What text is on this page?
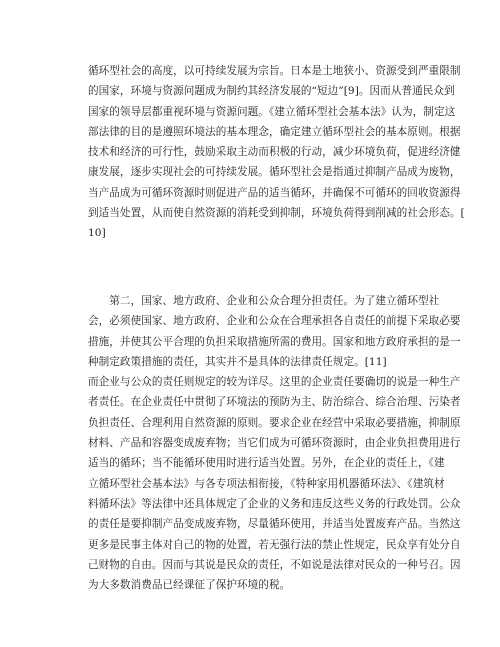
循环型社会的高度，以可持续发展为宗旨。日本是土地狭小、资源受到严重限制
的国家，环境与资源问题成为制约其经济发展的“短边”[9]。因而从普通民众到
国家的领导层都重视环境与资源问题。《建立循环型社会基本法》认为，制定这
部法律的目的是遵照环境法的基本理念，确定建立循环型社会的基本原则。根据
技术和经济的可行性，鼓励采取主动而积极的行动，减少环境负荷，促进经济健
康发展，逐步实现社会的可持续发展。循环型社会是指通过抑制产品成为废物，
当产品成为可循环资源时则促进产品的适当循环，并确保不可循环的回收资源得
到适当处置，从而使自然资源的消耗受到抑制，环境负荷得到削减的社会形态。[
10]

　　第二，国家、地方政府、企业和公众合理分担责任。为了建立循环型社
会，必须使国家、地方政府、企业和公众在合理承担各自责任的前提下采取必要
措施，并使其公平合理的负担采取措施所需的费用。国家和地方政府承担的是一
种制定政策措施的责任，其实并不是具体的法律责任规定。[11]
而企业与公众的责任则规定的较为详尽。这里的企业责任要确切的说是一种生产
者责任。在企业责任中贯彻了环境法的预防为主、防治综合、综合治理、污染者
负担责任、合理利用自然资源的原则。要求企业在经营中采取必要措施，抑制原
材料、产品和容器变成废弃物；当它们成为可循环资源时，由企业负担费用进行
适当的循环；当不能循环使用时进行适当处置。另外，在企业的责任上，《建
立循环型社会基本法》与各专项法相衔接，《特种家用机器循环法》、《建筑材
料循环法》等法律中还具体规定了企业的义务和违反这些义务的行政处罚。公众
的责任是要抑制产品变成废弃物，尽量循环使用，并适当处置废弃产品。当然这
更多是民事主体对自己的物的处置，若无强行法的禁止性规定，民众享有处分自
己财物的自由。因而与其说是民众的责任，不如说是法律对民众的一种号召。因
为大多数消费品已经课征了保护环境的税。
